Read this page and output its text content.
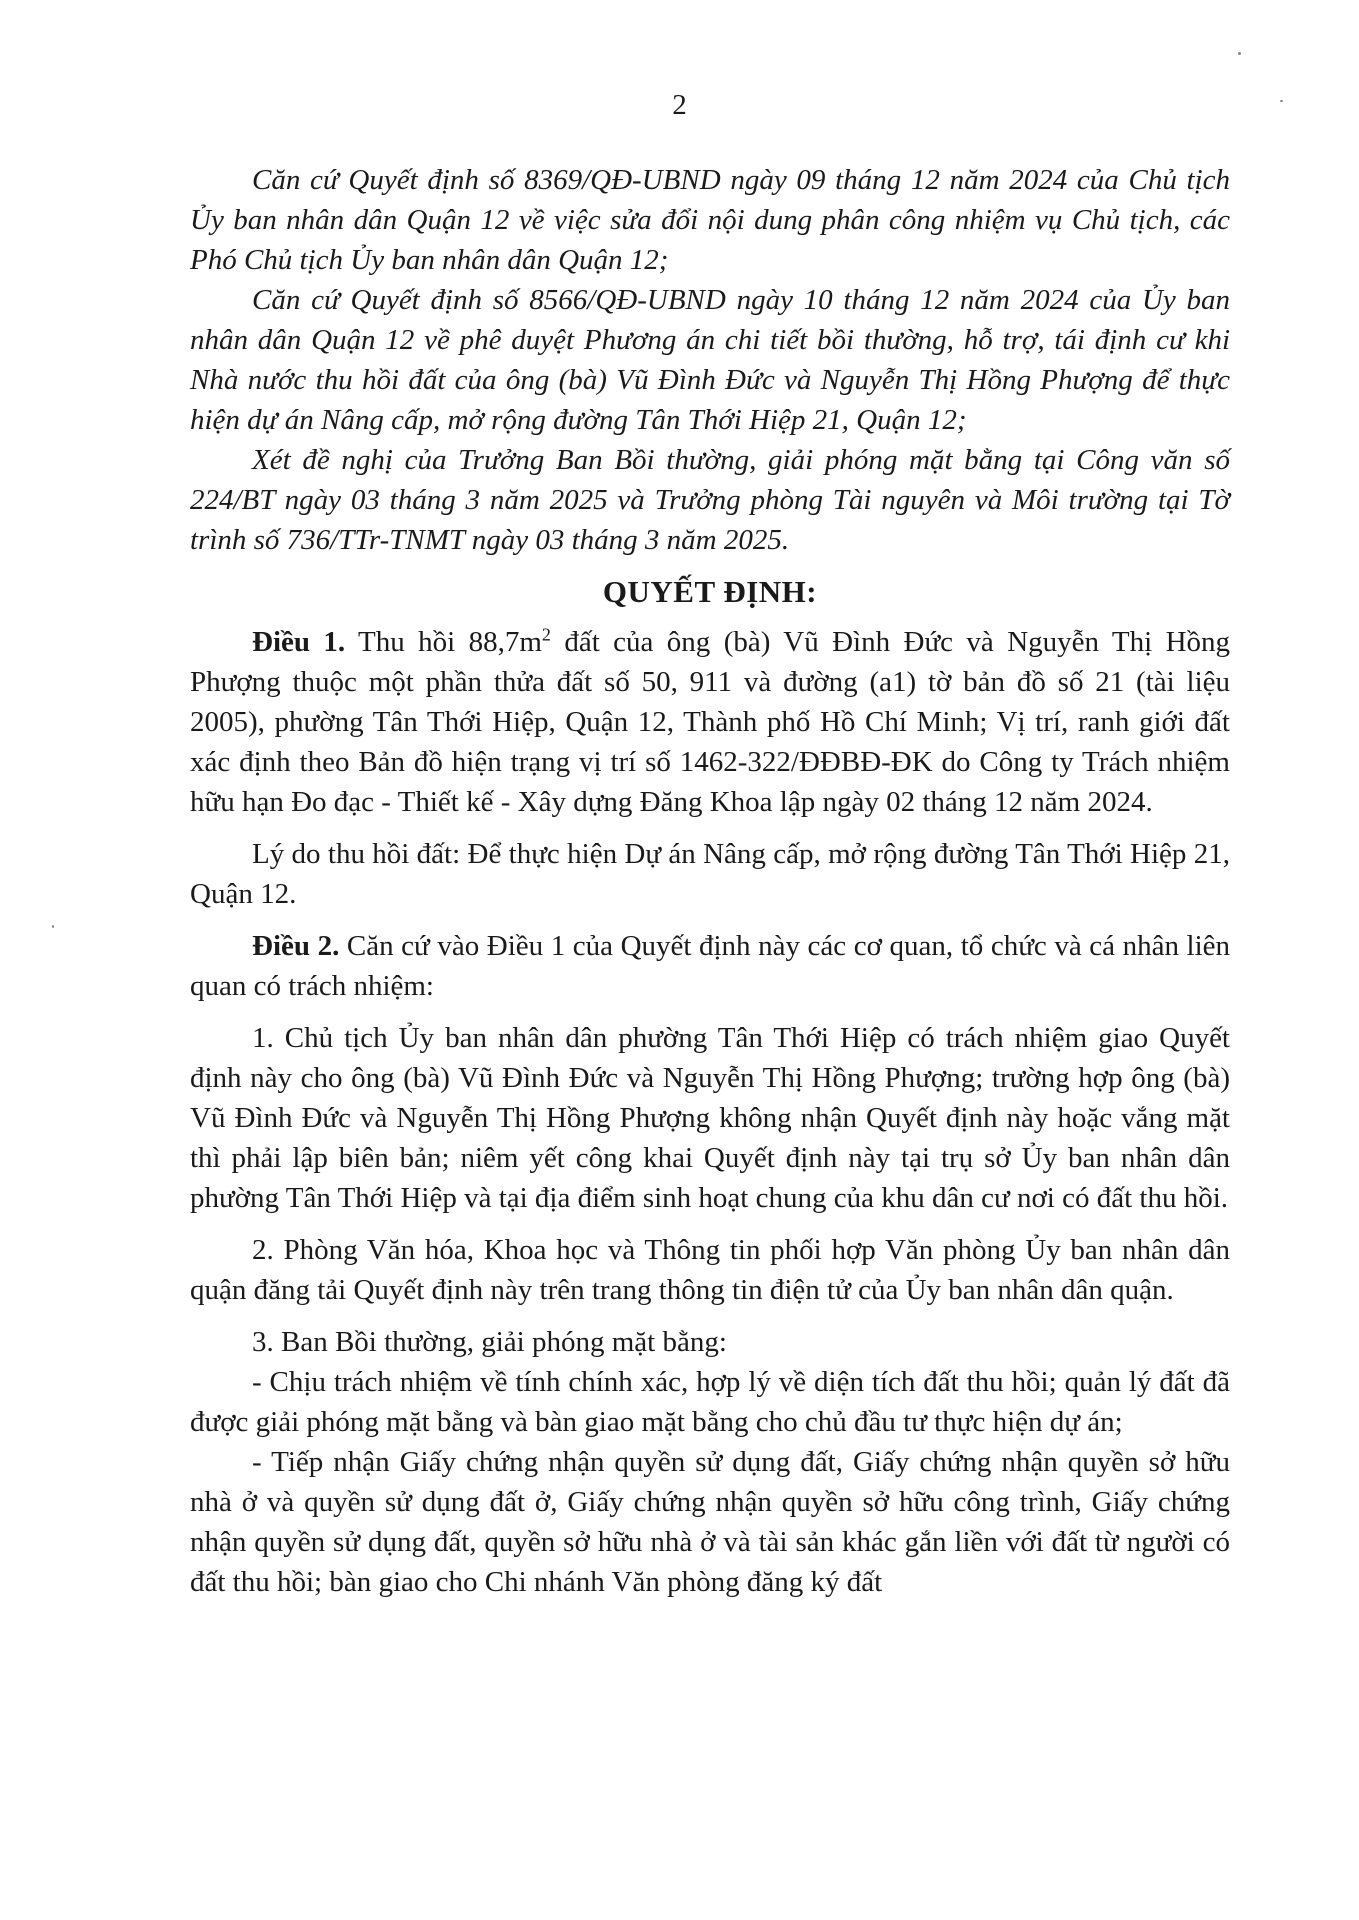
2

Căn cứ Quyết định số 8369/QĐ-UBND ngày 09 tháng 12 năm 2024 của Chủ tịch Ủy ban nhân dân Quận 12 về việc sửa đổi nội dung phân công nhiệm vụ Chủ tịch, các Phó Chủ tịch Ủy ban nhân dân Quận 12;

Căn cứ Quyết định số 8566/QĐ-UBND ngày 10 tháng 12 năm 2024 của Ủy ban nhân dân Quận 12 về phê duyệt Phương án chi tiết bồi thường, hỗ trợ, tái định cư khi Nhà nước thu hồi đất của ông (bà) Vũ Đình Đức và Nguyễn Thị Hồng Phượng để thực hiện dự án Nâng cấp, mở rộng đường Tân Thới Hiệp 21, Quận 12;

Xét đề nghị của Trưởng Ban Bồi thường, giải phóng mặt bằng tại Công văn số 224/BT ngày 03 tháng 3 năm 2025 và Trưởng phòng Tài nguyên và Môi trường tại Tờ trình số 736/TTr-TNMT ngày 03 tháng 3 năm 2025.

QUYẾT ĐỊNH:

Điều 1. Thu hồi $88,7m^2$ đất của ông (bà) Vũ Đình Đức và Nguyễn Thị Hồng Phượng thuộc một phần thửa đất số 50, 911 và đường (a1) tờ bản đồ số 21 (tài liệu 2005), phường Tân Thới Hiệp, Quận 12, Thành phố Hồ Chí Minh; Vị trí, ranh giới đất xác định theo Bản đồ hiện trạng vị trí số 1462-322/ĐĐBĐ-ĐK do Công ty Trách nhiệm hữu hạn Đo đạc - Thiết kế - Xây dựng Đăng Khoa lập ngày 02 tháng 12 năm 2024.

Lý do thu hồi đất: Để thực hiện Dự án Nâng cấp, mở rộng đường Tân Thới Hiệp 21, Quận 12.

Điều 2. Căn cứ vào Điều 1 của Quyết định này các cơ quan, tổ chức và cá nhân liên quan có trách nhiệm:

1. Chủ tịch Ủy ban nhân dân phường Tân Thới Hiệp có trách nhiệm giao Quyết định này cho ông (bà) Vũ Đình Đức và Nguyễn Thị Hồng Phượng; trường hợp ông (bà) Vũ Đình Đức và Nguyễn Thị Hồng Phượng không nhận Quyết định này hoặc vắng mặt thì phải lập biên bản; niêm yết công khai Quyết định này tại trụ sở Ủy ban nhân dân phường Tân Thới Hiệp và tại địa điểm sinh hoạt chung của khu dân cư nơi có đất thu hồi.

2. Phòng Văn hóa, Khoa học và Thông tin phối hợp Văn phòng Ủy ban nhân dân quận đăng tải Quyết định này trên trang thông tin điện tử của Ủy ban nhân dân quận.

3. Ban Bồi thường, giải phóng mặt bằng:

- Chịu trách nhiệm về tính chính xác, hợp lý về diện tích đất thu hồi; quản lý đất đã được giải phóng mặt bằng và bàn giao mặt bằng cho chủ đầu tư thực hiện dự án;

- Tiếp nhận Giấy chứng nhận quyền sử dụng đất, Giấy chứng nhận quyền sở hữu nhà ở và quyền sử dụng đất ở, Giấy chứng nhận quyền sở hữu công trình, Giấy chứng nhận quyền sử dụng đất, quyền sở hữu nhà ở và tài sản khác gắn liền với đất từ người có đất thu hồi; bàn giao cho Chi nhánh Văn phòng đăng ký đất
